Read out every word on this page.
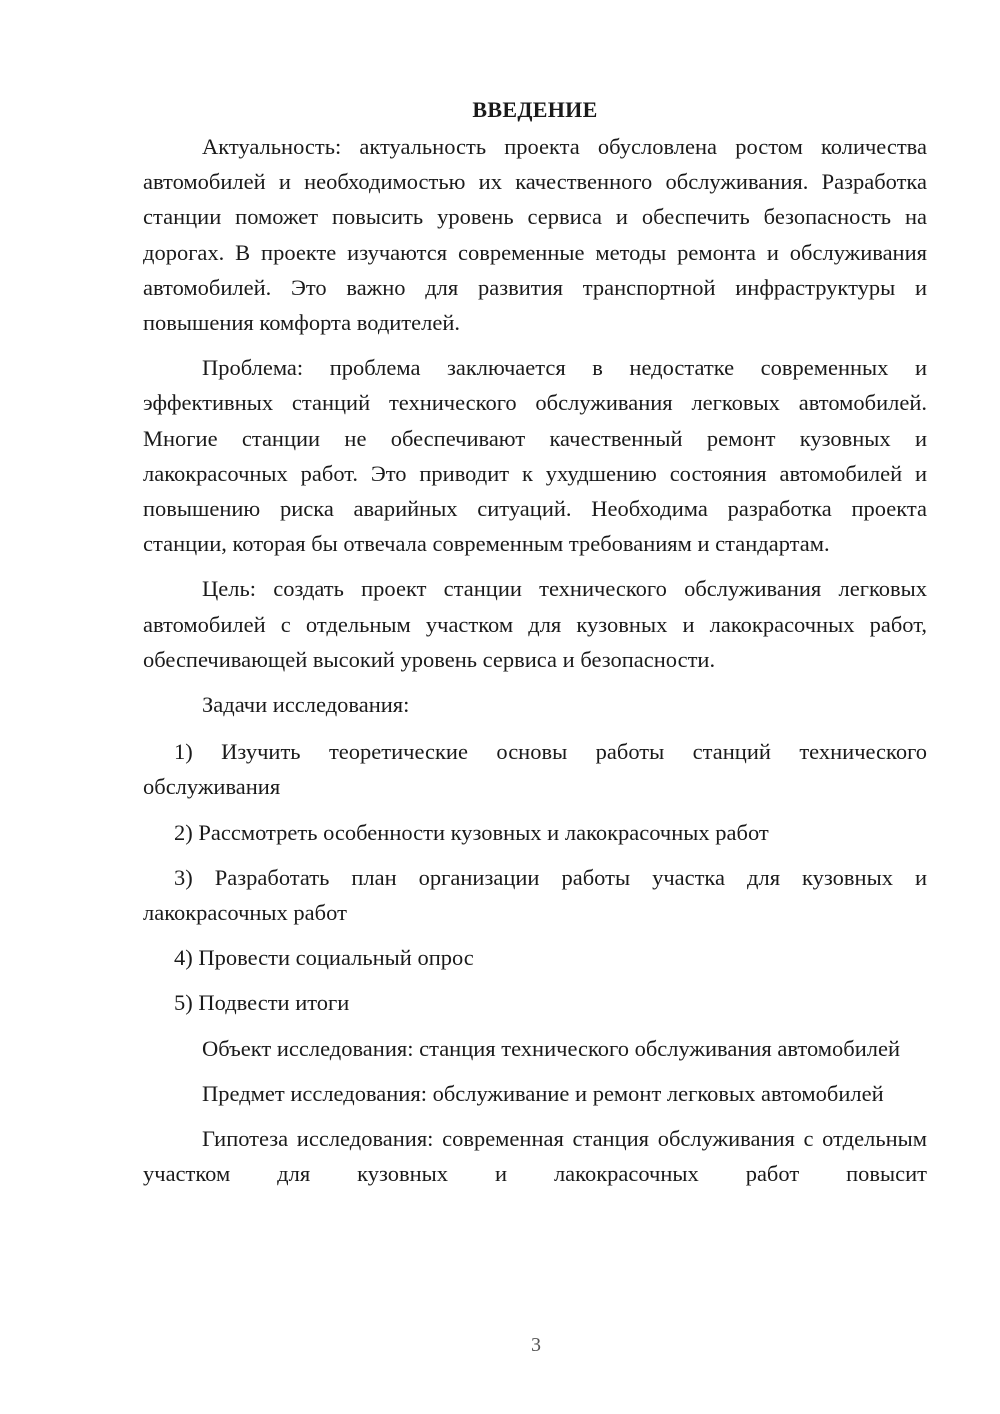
ВВЕДЕНИЕ

Актуальность: актуальность проекта обусловлена ростом количества автомобилей и необходимостью их качественного обслуживания. Разработка станции поможет повысить уровень сервиса и обеспечить безопасность на дорогах. В проекте изучаются современные методы ремонта и обслуживания автомобилей. Это важно для развития транспортной инфраструктуры и повышения комфорта водителей.

Проблема: проблема заключается в недостатке современных и эффективных станций технического обслуживания легковых автомобилей. Многие станции не обеспечивают качественный ремонт кузовных и лакокрасочных работ. Это приводит к ухудшению состояния автомобилей и повышению риска аварийных ситуаций. Необходима разработка проекта станции, которая бы отвечала современным требованиям и стандартам.

Цель: создать проект станции технического обслуживания легковых автомобилей с отдельным участком для кузовных и лакокрасочных работ, обеспечивающей высокий уровень сервиса и безопасности.

Задачи исследования:

1) Изучить теоретические основы работы станций технического обслуживания

2) Рассмотреть особенности кузовных и лакокрасочных работ

3) Разработать план организации работы участка для кузовных и лакокрасочных работ

4) Провести социальный опрос

5) Подвести итоги

Объект исследования: станция технического обслуживания автомобилей

Предмет исследования: обслуживание и ремонт легковых автомобилей

Гипотеза исследования: современная станция обслуживания с отдельным участком для кузовных и лакокрасочных работ повысит

3
